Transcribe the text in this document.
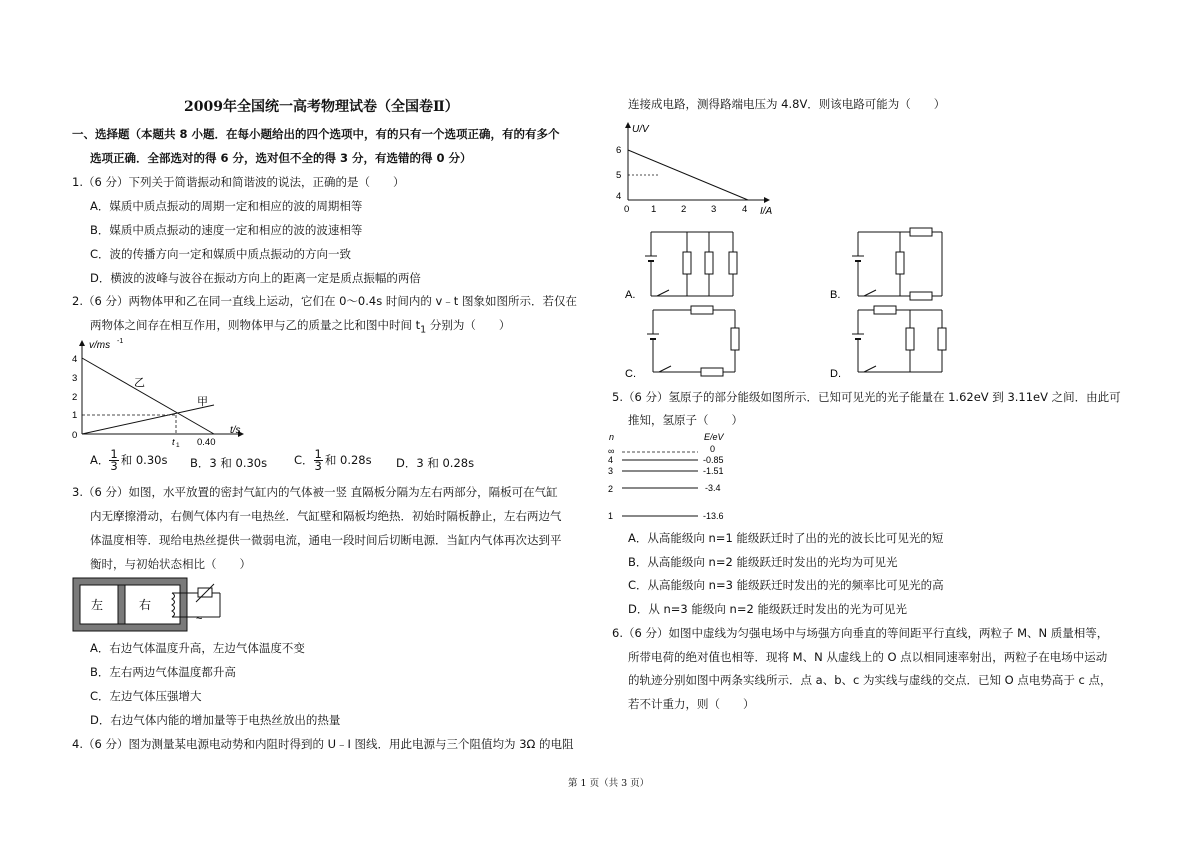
2009年全国统一高考物理试卷（全国卷Ⅱ）
一、选择题（本题共 8 小题．在每小题给出的四个选项中，有的只有一个选项正确，有的有多个
选项正确．全部选对的得 6 分，选对但不全的得 3 分，有选错的得 0 分）
1.（6 分）下列关于简谐振动和简谐波的说法，正确的是（　　）
A．媒质中质点振动的周期一定和相应的波的周期相等
B．媒质中质点振动的速度一定和相应的波的波速相等
C．波的传播方向一定和媒质中质点振动的方向一致
D．横波的波峰与波谷在振动方向上的距离一定是质点振幅的两倍
2.（6 分）两物体甲和乙在同一直线上运动，它们在 0～0.4s 时间内的 v﹣t 图象如图所示．若仅在
两物体之间存在相互作用，则物体甲与乙的质量之比和图中时间 $t_1$ 分别为（　　）
v/ms -1
t/s
4
3
2
1
0
乙
甲
t 1 0.40
A． $\frac{1}{3}$ 和 0.30s B．3 和 0.30s C． $\frac{1}{3}$ 和 0.28s D．3 和 0.28s
3.（6 分）如图，水平放置的密封气缸内的气体被一竖 直隔板分隔为左右两部分，隔板可在气缸
内无摩擦滑动，右侧气体内有一电热丝．气缸壁和隔板均绝热．初始时隔板静止，左右两边气
体温度相等．现给电热丝提供一微弱电流，通电一段时间后切断电源．当缸内气体再次达到平
衡时，与初始状态相比（　　）
左	右
~
A．右边气体温度升高，左边气体温度不变
B．左右两边气体温度都升高
C．左边气体压强增大
D．右边气体内能的增加量等于电热丝放出的热量
4.（6 分）图为测量某电源电动势和内阻时得到的 U﹣I 图线．用此电源与三个阻值均为 3Ω 的电阻
连接成电路，测得路端电压为 4.8V．则该电路可能为（　　）
U/V
I/A
6
5
4
0 1	2	3	4
A.	B.
C.	D.
5.（6 分）氢原子的部分能级如图所示．已知可见光的光子能量在 1.62eV 到 3.11eV 之间．由此可
推知，氢原子（　　）
n	E/eV
∞	0
4	-0.85
3	-1.51
2	-3.4
1	-13.6
A．从高能级向 n=1 能级跃迁时了出的光的波长比可见光的短
B．从高能级向 n=2 能级跃迁时发出的光均为可见光
C．从高能级向 n=3 能级跃迁时发出的光的频率比可见光的高
D．从 n=3 能级向 n=2 能级跃迁时发出的光为可见光
6.（6 分）如图中虚线为匀强电场中与场强方向垂直的等间距平行直线，两粒子 M、N 质量相等，
所带电荷的绝对值也相等．现将 M、N 从虚线上的 O 点以相同速率射出，两粒子在电场中运动
的轨迹分别如图中两条实线所示．点 a、b、c 为实线与虚线的交点．已知 O 点电势高于 c 点，
若不计重力，则（　　）
第 1 页（共 3 页）
